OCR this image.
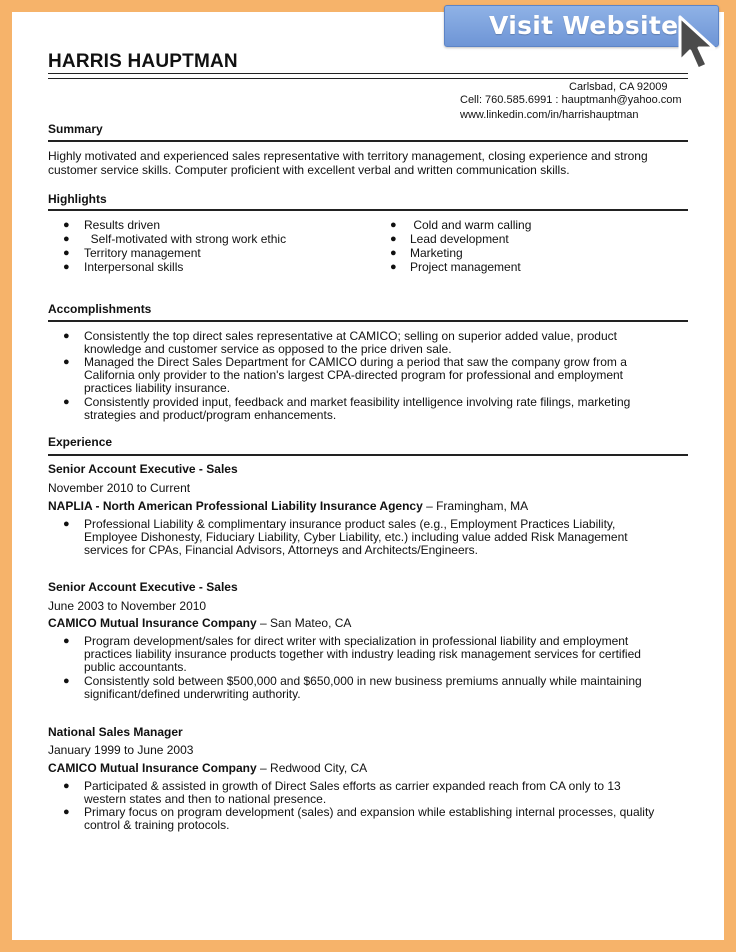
HARRIS HAUPTMAN
Carlsbad, CA 92009
Cell: 760.585.6991 : hauptmanh@yahoo.com
www.linkedin.com/in/harrishauptman
Summary
Highly motivated and experienced sales representative with territory management, closing experience and strong
customer service skills. Computer proficient with excellent verbal and written communication skills.
Highlights
● Results driven
● Self-motivated with strong work ethic
● Territory management
● Interpersonal skills
● Cold and warm calling
● Lead development
● Marketing
● Project management
Accomplishments
● Consistently the top direct sales representative at CAMICO; selling on superior added value, product
knowledge and customer service as opposed to the price driven sale.
● Managed the Direct Sales Department for CAMICO during a period that saw the company grow from a
California only provider to the nation's largest CPA-directed program for professional and employment
practices liability insurance.
● Consistently provided input, feedback and market feasibility intelligence involving rate filings, marketing
strategies and product/program enhancements.
Experience
Senior Account Executive - Sales
November 2010 to Current
NAPLIA - North American Professional Liability Insurance Agency – Framingham, MA
● Professional Liability & complimentary insurance product sales (e.g., Employment Practices Liability,
Employee Dishonesty, Fiduciary Liability, Cyber Liability, etc.) including value added Risk Management
services for CPAs, Financial Advisors, Attorneys and Architects/Engineers.
Senior Account Executive - Sales
June 2003 to November 2010
CAMICO Mutual Insurance Company – San Mateo, CA
● Program development/sales for direct writer with specialization in professional liability and employment
practices liability insurance products together with industry leading risk management services for certified
public accountants.
● Consistently sold between $500,000 and $650,000 in new business premiums annually while maintaining
significant/defined underwriting authority.
National Sales Manager
January 1999 to June 2003
CAMICO Mutual Insurance Company – Redwood City, CA
● Participated & assisted in growth of Direct Sales efforts as carrier expanded reach from CA only to 13
western states and then to national presence.
● Primary focus on program development (sales) and expansion while establishing internal processes, quality
control & training protocols.
Visit Website
